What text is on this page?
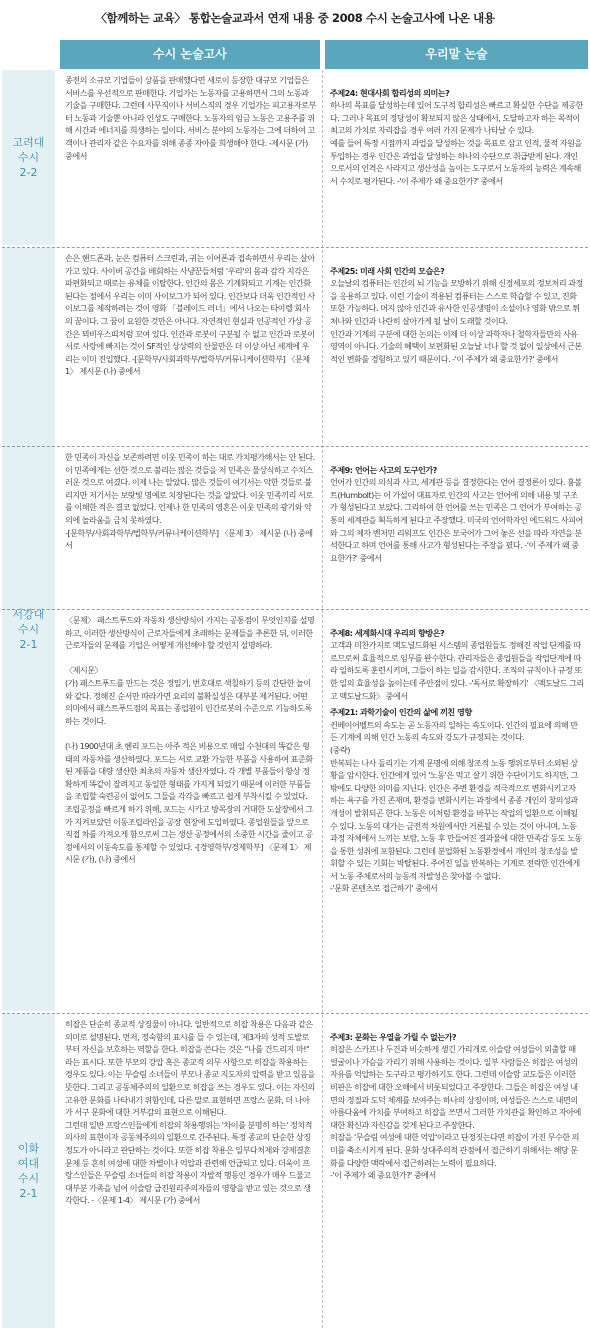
〈함께하는 교육〉 통합논술교과서 연재 내용 중 2008 수시 논술고사에 나온 내용
수시 논술고사	우리말 논술
고려대
수시
2-2
서강대
수시
2-1
이화
여대
수시
2-1
종전의 소규모 기업들이 상품을 판매했다면 새로이 등장한 대규모 기업들은 서비스를 우선적으로 판매한다. 기업가는 노동자를 고용하면서 그의 노동과 기술을 구매한다. 그런데 사무직이나 서비스직의 경우 기업가는 피고용자로부터 노동과 기술뿐 아니라 인성도 구매한다. 노동자의 임금 노동은 고용주를 위해 시간과 에너지를 희생하는 일이다. 서비스 분야의 노동자는 그에 더하여 고객이나 관리자 같은 수요자를 위해 종종 자아를 희생해야 한다. -제시문 (가) 중에서

주제24: 현대사회 합리성의 의미는?
하나의 목표를 달성하는데 있어 도구적 합리성은 빠르고 확실한 수단을 제공한다. 그러나 목표의 정당성이 확보되지 않은 상태에서, 도달하고자 하는 목적이 최고의 가치로 자리잡을 경우 여러 가지 문제가 나타날 수 있다.
예를 들어 특정 시점까지 과업을 달성하는 것을 목표로 삼고 인적, 물적 자원을 투입하는 경우 인간은 과업을 달성하는 하나의 수단으로 취급받게 된다. 개인으로서의 인격은 사라지고 생산성을 높이는 도구로서 노동자의 능력은 계속해서 수치로 평가된다. -'이 주제가 왜 중요한가?' 중에서

손은 핸드폰과, 눈은 컴퓨터 스크린과, 귀는 이어폰과 접속하면서 우리는 살아가고 있다. 사이버 공간을 배회하는 사냥꾼들처럼 '우리'의 몸과 감각 지각은 파편화되고 때로는 유체를 이탈한다. 인간의 몸은 기계화되고 기계는 인간화된다는 점에서 우리는 이미 사이보그가 되어 있다. 인간보다 더욱 인간적인 사이보그를 제작하려는 것이 영화 「블레이드 러너」에서 나오는 타이렐 회사의 꿈이다. 그 꿈이 요원한 것만은 아니다. 자연적인 현실과 인공적인 가상 공간은 뫼비우스띠처럼 꼬여 있다. 인간과 로봇이 구분될 수 없고 인간과 로봇이 서로 사랑에 빠지는 것이 SF적인 상상력의 산물만은 더 이상 아닌 세계에 우리는 이미 진입했다. -[문학부/사회과학부/법학부/커뮤니케이션학부] 〈문제 1〉 제시문 (나) 중에서

주제25: 미래 사회 인간의 모습은?
오늘날의 컴퓨터는 인간의 뇌 기능을 모방하기 위해 신경세포의 정보처리 과정을 응용하고 있다. 이런 기술이 적용된 컴퓨터는 스스로 학습할 수 있고, 진화 또한 가능하다. 머지 않아 인간과 유사한 인공생명이 소설이나 영화 밖으로 튀쳐나와 인간과 나란히 살아가게 될 날이 도래할 것이다.
인간과 기계의 구분에 대한 논의는 이제 더 이상 과학자나 철학자들만의 사유 영역이 아니다. 기술의 혜택이 보편화된 오늘날 너나 할 것 없이 일상에서 근본적인 변화를 경험하고 있기 때문이다. -'이 주제가 왜 중요한가?' 중에서

한 민족이 자신을 보존하려면 이웃 민족이 하는 대로 가치평가해서는 안 된다. 이 민족에게는 선한 것으로 불리는 많은 것들을 저 민족은 물상식하고 수치스러운 것으로 여겼다. 이제 나는 알았다. 많은 것들이 여기서는 악한 것들로 불리지만 저기서는 보랏빛 명예로 치장된다는 것을 알았다. 이웃 민족끼리 서로를 이해한 적은 결코 없었다. 언제나 한 민족의 영혼은 이웃 민족의 광기와 악의에 놀라움을 금치 못하였다.
-[문학부/사회과학부/법학부/커뮤니케이션학부] 〈문제 3〉 제시문 (나) 중에서

주제9: 언어는 사고의 도구인가?
언어가 인간의 의식과 사고, 세계관 등을 결정한다는 언어 결정론이 있다. 훔볼트(Humbolt)는 이 가설이 대표자로 인간의 사고는 언어에 의해 내용 및 구조가 형성된다고 보았다. 그리하여 한 언어를 쓰는 민족은 그 언어가 부여하는 공통의 세계관을 획득하게 된다고 주장했다. 미국의 언어학자인 에드워드 사피어와 그의 제자 벤저민 리워프도 인간은 모국어가 그어 놓은 선을 따라 자연을 분석한다고 하며 언어를 통해 사고가 형성된다는 주장을 폈다. -'이 주제가 왜 중요한가?' 중에서

〈문제〉 패스트푸드와 자동차 생산방식이 가지는 공통점이 무엇인지를 설명하고, 이러한 생산방식이 근로자들에게 초래하는 문제들을 추론한 뒤, 이러한 근로자들의 문제를 기업은 어떻게 개선해야 할 것인지 설명하라.

〈제시문〉
(가) 패스트푸드를 만드는 것은 정밀기, 번호대로 색칠하기 등의 간단한 놀이와 같다. 정해진 순서만 따라가면 요리의 불확실성은 대부분 제거된다. 어떤 의미에서 패스트푸드점의 목표는 종업원이 인간로봇의 수준으로 기능하도록 하는 것이다.

(나) 1900년대 초 헨리 포드는 아주 적은 비용으로 매일 수천대의 똑같은 형태의 자동차를 생산하였다. 포드는 서로 교환 가능한 부품을 사용하여 표준화된 제품을 대량 생산한 최초의 자동차 생산자였다. 각 개별 부품들이 항상 정확하게 똑같이 잘려지고 동일한 형태를 가지게 되었기 때문에 이러한 부품들을 조립할 숙련공이 없어도 그들을 각각을 빠르고 쉽게 부착시킬 수 있었다. 조립공정을 빠르게 하기 위해, 포드는 시카고 방목장의 거대한 도살장에서 그가 지켜보았던 이동조립라인을 공장 현장에 도입하였다. 종업원들을 앞으로 직접 차를 가져오게 함으로써 그는 생산 공정에서의 소중한 시간을 줄이고 공정에서의 이동속도를 통제할 수 있었다. -[경영학부/경제학부] 〈문제 1〉 제시문 (가), (나) 중에서

주제8: 세계화시대 우리의 향방은?
고객과 미찬가지로 맥도널드화된 시스템의 종업원들도 정해진 작업 단계를 따르므로써 효율적으로 임무를 완수한다. 관리자들은 종업원들을 작업단계에 따라 일하도록 훈련시키며, 그들이 하는 일을 감시한다. 조직의 규칙이나 규정 또한 일의 효율성을 높이는데 주안점이 있다. -'독서로 확장하기' 〈맥도날드 그리고 맥도날드화〉 중에서

주제21: 과학기술이 인간의 삶에 끼친 영향
컨베이어벨트의 속도는 곧 노동자의 일하는 속도이다. 인간의 필요에 의해 만든 기계에 의해 인간 노동의 속도와 강도가 규정되는 것이다.
(중략)
반복되는 나사 돌리기는 기계 문명에 의해 창조적 노동 행위로부터 소외된 상황을 암시한다. 인간에게 있어 '노동'은 먹고 살기 위한 수단이기도 하지만, 그 밖에도 다양한 의미를 지닌다. 인간은 주변 환경을 적극적으로 변화시키고자 하는 욕구를 가진 존재며, 환경을 변화시키는 과정에서 종종 개인의 창의성과 개성이 발휘되곤 한다. 노동은 이처럼 환경을 바꾸는 작업의 일환으로 이해될 수 있다. 노동의 대가는 금전적 차원에서만 거론될 수 있는 것이 아니며, 노동 과정 자체에서 느끼는 보람, 노동 후 만들어진 결과물에 대한 만족감 등도 노동을 통한 성취에 포함된다. 그런데 분업화된 노동환경에서 개인의 창조성을 발휘할 수 있는 기회는 박탈된다. 주어진 일을 반복하는 기계로 전락한 인간에게서 노동 주체로서의 능동적 자발성은 찾아볼 수 없다.
-'문화 콘텐츠로 접근하기' 중에서

히잡은 단순히 종교적 상징물이 아니다. 일반적으로 히잡 착용은 다음과 같은 의미로 설명된다. 먼저, 정숙함의 표시를 들 수 있는데, 제3자의 성적 도발로부터 자신을 보호하는 역할을 한다. 히잡을 쓴다는 것은 "나를 건드리지 마!" 라는 표시다. 또한 부모의 강압 혹은 종교적 의무 사항으로 히잡을 착용하는 경우도 있다. 이는 무슬림 소녀들이 부모나 종교 지도자의 압력을 받고 있음을 뜻한다. 그리고 공동체주의의 일환으로 히잡을 쓰는 경우도 있다. 이는 자신의 고유한 문화를 나타내기 위함인데, 다른 말로 표현하면 프랑스 문화, 더 나아가 서구 문화에 대한 거부감의 표현으로 이해된다.
그런데 일반 프랑스인들에게 히잡의 착용행위는 '차이를 분명히 하는' 정치적 의사의 표현이자 공동체주의의 일환으로 간주된다. 특정 종교의 단순한 상징 정도가 아니라고 판단하는 것이다. 또한 히잡 착용은 일부다처제와 강제결혼 문제 등 흔히 여성에 대한 차별이나 억압과 관련해 언급되고 있다. 더욱이 프랑스인들은 무슬림 소녀들의 히잡 착용이 자발적 행동인 경우가 매우 드물고 대부분 가족을 넘어 이슬람 급진원리주의자들의 영향을 받고 있는 것으로 생각한다. -〈문제 1-4〉 제시문 (가) 중에서

주제3: 문화는 우열을 가릴 수 없는가?
히잡은 스카프나 두건과 비슷하게 생긴 가리개로 이슬람 여성들이 외출할 때 얼굴이나 가슴을 가리기 위해 사용하는 것이다. 일부 사람들은 히잡은 여성의 자유를 억압하는 도구라고 평가하기도 한다. 그런데 이슬람 교도들은 이러한 비판은 히잡에 대한 오해에서 비롯되었다고 주장한다. 그들은 히잡은 여성 내면의 정절과 도덕 체계를 보여주는 하나의 상징이며, 여성들은 스스로 내면의 아름다움에 가치를 부여하고 히잡을 쓰면서 그러한 가치관을 확인하고 자아에 대한 확신과 자신감을 갖게 된다고 주장한다.
히잡을 '무슬림 여성에 대한 억압'이라고 단정짓는다면 히잡이 가진 무수한 의미를 축소시키게 된다. 문화 상대주의적 관점에서 접근하기 위해서는 해당 문화를 다양한 맥락에서 접근하려는 노력이 필요하다.
-'이 주제가 왜 중요한가?' 중에서
